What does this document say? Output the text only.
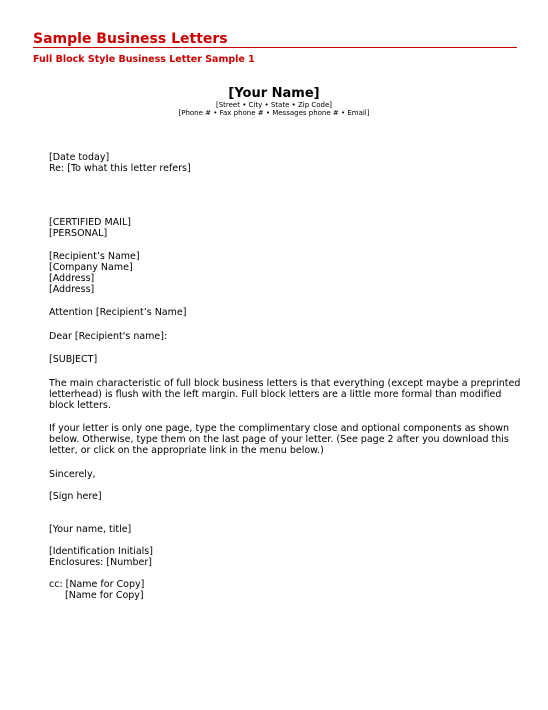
Sample Business Letters
Full Block Style Business Letter Sample 1
[Your Name]
[Street • City • State • Zip Code]
[Phone # • Fax phone # • Messages phone # • Email]
[Date today]
Re: [To what this letter refers]
[CERTIFIED MAIL]
[PERSONAL]
[Recipient’s Name]
[Company Name]
[Address]
[Address]
Attention [Recipient’s Name]
Dear [Recipient's name]:
[SUBJECT]
The main characteristic of full block business letters is that everything (except maybe a preprinted
letterhead) is flush with the left margin. Full block letters are a little more formal than modified
block letters.
If your letter is only one page, type the complimentary close and optional components as shown
below. Otherwise, type them on the last page of your letter. (See page 2 after you download this
letter, or click on the appropriate link in the menu below.)
Sincerely,
[Sign here]
[Your name, title]
[Identification Initials]
Enclosures: [Number]
cc: [Name for Copy]
[Name for Copy]
